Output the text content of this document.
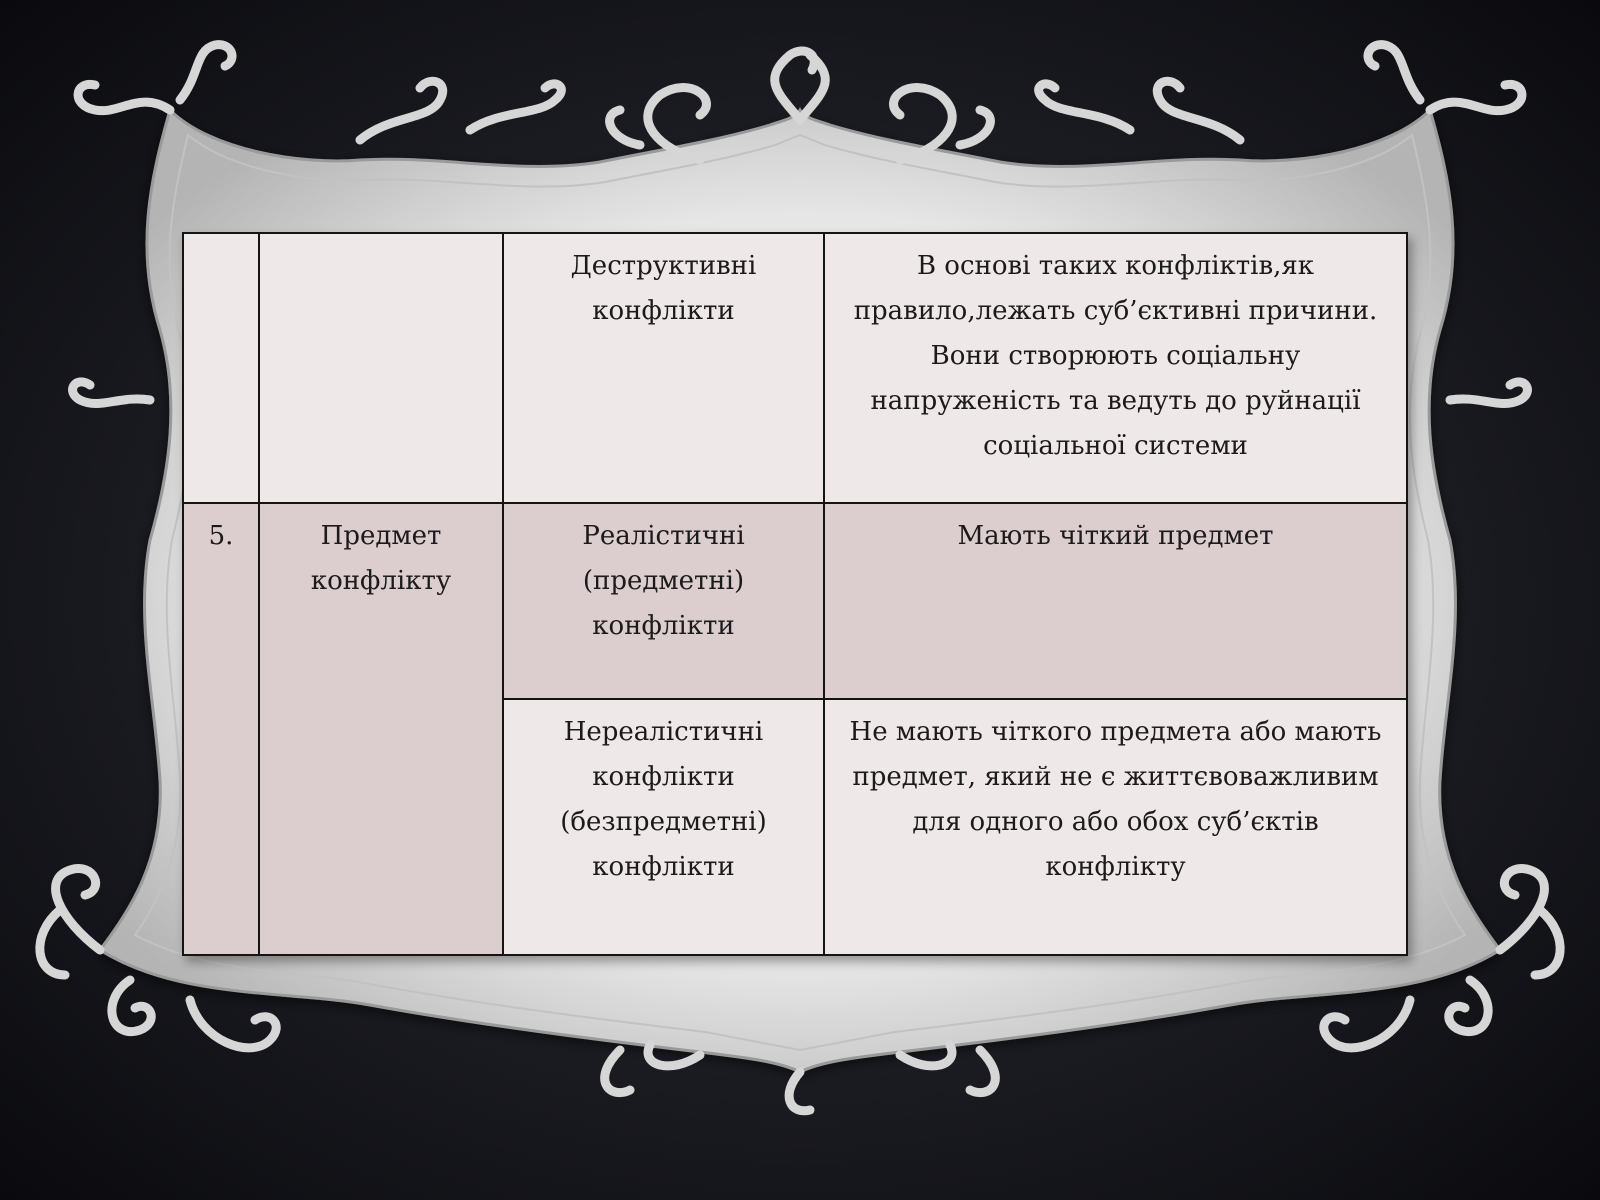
		Деструктивні конфлікти	В основі таких конфліктів,як правило,лежать суб’єктивні причини. Вони створюють соціальну напруженість та ведуть до руйнації соціальної системи
5.	Предмет конфлікту	Реалістичні (предметні) конфлікти	Мають чіткий предмет
		Нереалістичні конфлікти (безпредметні) конфлікти	Не мають чіткого предмета або мають предмет, який не є життєвоважливим для одного або обох суб’єктів конфлікту
